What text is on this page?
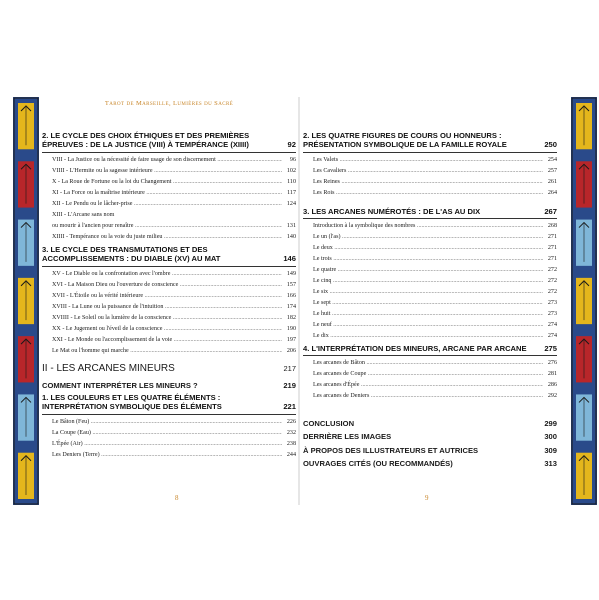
Tarot de Marseille, Lumières du Sacré
2. LE CYCLE DES CHOIX ÉTHIQUES ET DES PREMIÈRES ÉPREUVES : DE LA JUSTICE (VIII) À TEMPÉRANCE (XIIII)	92
VIII - La Justice ou la nécessité de faire usage de son discernement .....	96
VIIII - L'Hermite ou la sagesse intérieure .....	102
X - La Roue de Fortune ou la loi du Changement .....	110
XI - La Force ou la maîtrise intérieure .....	117
XII - Le Pendu ou le lâcher-prise .....	124
XIII - L'Arcane sans nom
ou mourir à l'ancien pour renaître .....	131
XIIII - Tempérance ou la voie du juste milieu .....	140
3. LE CYCLE DES TRANSMUTATIONS ET DES ACCOMPLISSEMENTS : DU DIABLE (XV) AU MAT	146
XV - Le Diable ou la confrontation avec l'ombre .....	149
XVI - La Maison Dieu ou l'ouverture de conscience .....	157
XVII - L'Étoile ou la vérité intérieure .....	166
XVIII - La Lune ou la puissance de l'intuition .....	174
XVIIII - Le Soleil ou la lumière de la conscience .....	182
XX - Le Jugement ou l'éveil de la conscience .....	190
XXI - Le Monde ou l'accomplissement de la voie .....	197
Le Mat ou l'homme qui marche .....	206
II - LES ARCANES MINEURS	217
COMMENT INTERPRÉTER LES MINEURS ?	219
1. LES COULEURS ET LES QUATRE ÉLÉMENTS : INTERPRÉTATION SYMBOLIQUE DES ÉLÉMENTS	221
Le Bâton (Feu) .....	226
La Coupe (Eau) .....	232
L'Épée (Air) .....	238
Les Deniers (Terre) .....	244
8
2. LES QUATRE FIGURES DE COURS OU HONNEURS : PRÉSENTATION SYMBOLIQUE DE LA FAMILLE ROYALE	250
Les Valets .....	254
Les Cavaliers .....	257
Les Reines .....	261
Les Rois .....	264
3. LES ARCANES NUMÉROTÉS : DE L'AS AU DIX	267
Introduction à la symbolique des nombres .....	268
Le un (l'as) .....	271
Le deux .....	271
Le trois .....	271
Le quatre .....	272
Le cinq .....	272
Le six .....	272
Le sept .....	273
Le huit .....	273
Le neuf .....	274
Le dix .....	274
4. L'INTERPRÉTATION DES MINEURS, ARCANE PAR ARCANE	275
Les arcanes de Bâton .....	276
Les arcanes de Coupe .....	281
Les arcanes d'Épée .....	286
Les arcanes de Deniers .....	292
CONCLUSION	299
DERRIÈRE LES IMAGES	300
À PROPOS DES ILLUSTRATEURS ET AUTRICES	309
OUVRAGES CITÉS (OU RECOMMANDÉS)	313
9
